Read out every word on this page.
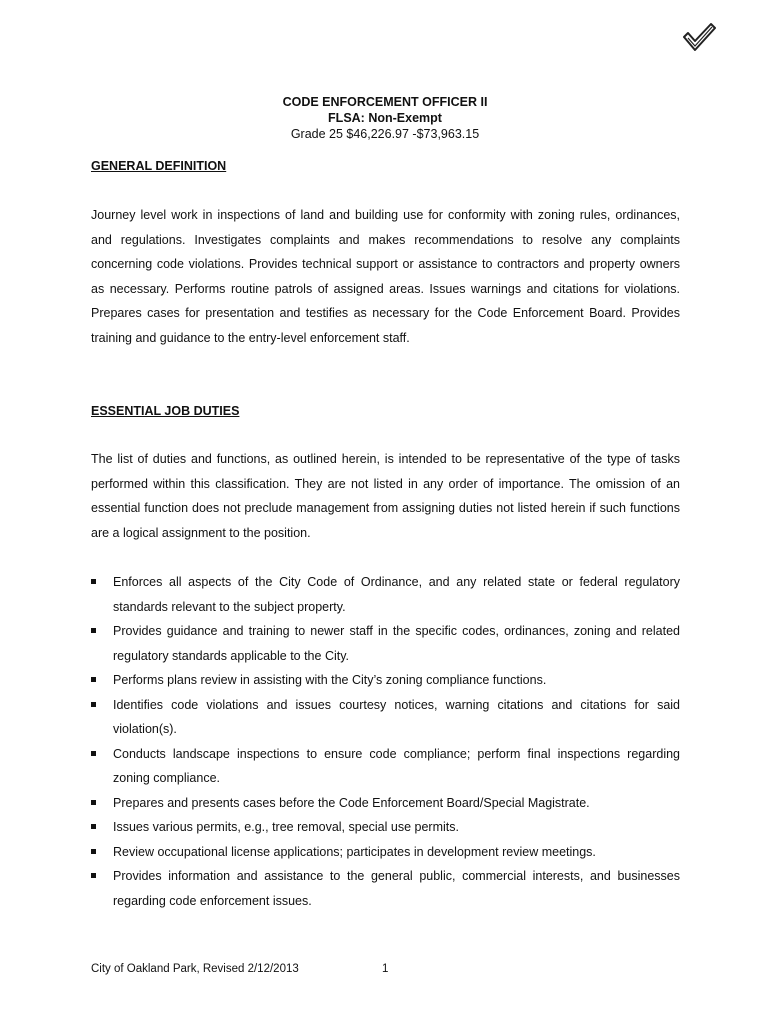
CODE ENFORCEMENT OFFICER II
FLSA: Non-Exempt
Grade 25 $46,226.97 -$73,963.15
GENERAL DEFINITION

Journey level work in inspections of land and building use for conformity with zoning rules, ordinances, and regulations. Investigates complaints and makes recommendations to resolve any complaints concerning code violations. Provides technical support or assistance to contractors and property owners as necessary. Performs routine patrols of assigned areas. Issues warnings and citations for violations. Prepares cases for presentation and testifies as necessary for the Code Enforcement Board. Provides training and guidance to the entry-level enforcement staff.

ESSENTIAL JOB DUTIES

The list of duties and functions, as outlined herein, is intended to be representative of the type of tasks performed within this classification. They are not listed in any order of importance. The omission of an essential function does not preclude management from assigning duties not listed herein if such functions are a logical assignment to the position.

Enforces all aspects of the City Code of Ordinance, and any related state or federal regulatory standards relevant to the subject property.
Provides guidance and training to newer staff in the specific codes, ordinances, zoning and related regulatory standards applicable to the City.
Performs plans review in assisting with the City’s zoning compliance functions.
Identifies code violations and issues courtesy notices, warning citations and citations for said violation(s).
Conducts landscape inspections to ensure code compliance; perform final inspections regarding zoning compliance.
Prepares and presents cases before the Code Enforcement Board/Special Magistrate.
Issues various permits, e.g., tree removal, special use permits.
Review occupational license applications; participates in development review meetings.
Provides information and assistance to the general public, commercial interests, and businesses regarding code enforcement issues.
City of Oakland Park, Revised 2/12/2013	1
